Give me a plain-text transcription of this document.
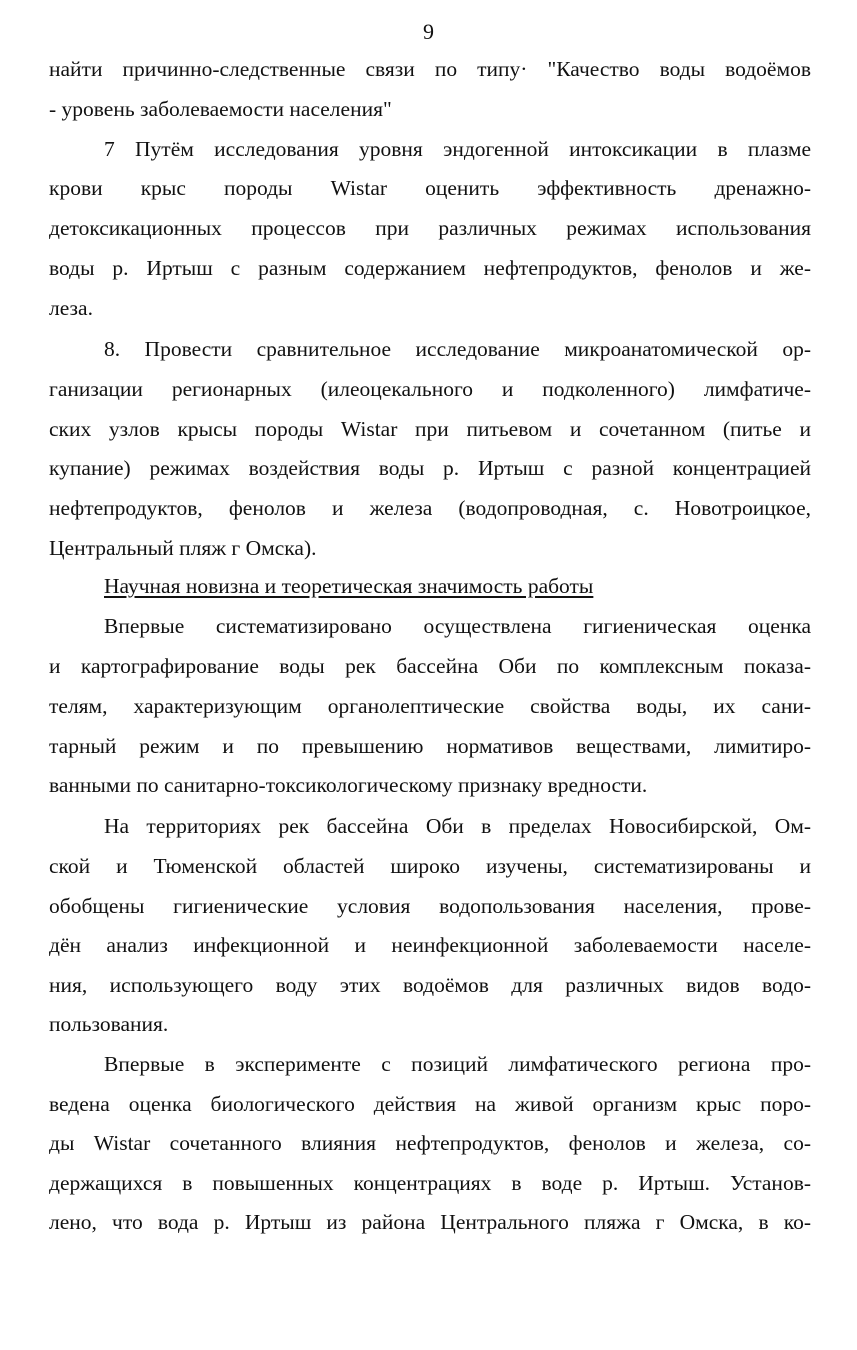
9
найти причинно-следственные связи по типу· "Качество воды водоёмов
- уровень заболеваемости населения"
7 Путём исследования уровня эндогенной интоксикации в плазме
крови крыс породы Wistar оценить эффективность дренажно-
детоксикационных процессов при различных режимах использования
воды р. Иртыш с разным содержанием нефтепродуктов, фенолов и же-
леза.
8. Провести сравнительное исследование микроанатомической ор-
ганизации регионарных (илеоцекального и подколенного) лимфатиче-
ских узлов крысы породы Wistar при питьевом и сочетанном (питье и
купание) режимах воздействия воды р. Иртыш с разной концентрацией
нефтепродуктов, фенолов и железа (водопроводная, с. Новотроицкое,
Центральный пляж г Омска).
Научная новизна и теоретическая значимость работы
Впервые систематизировано осуществлена гигиеническая оценка
и картографирование воды рек бассейна Оби по комплексным показа-
телям, характеризующим органолептические свойства воды, их сани-
тарный режим и по превышению нормативов веществами, лимитиро-
ванными по санитарно-токсикологическому признаку вредности.
На территориях рек бассейна Оби в пределах Новосибирской, Ом-
ской и Тюменской областей широко изучены, систематизированы и
обобщены гигиенические условия водопользования населения, прове-
дён анализ инфекционной и неинфекционной заболеваемости населе-
ния, использующего воду этих водоёмов для различных видов водо-
пользования.
Впервые в эксперименте с позиций лимфатического региона про-
ведена оценка биологического действия на живой организм крыс поро-
ды Wistar сочетанного влияния нефтепродуктов, фенолов и железа, со-
держащихся в повышенных концентрациях в воде р. Иртыш. Установ-
лено, что вода р. Иртыш из района Центрального пляжа г Омска, в ко-
